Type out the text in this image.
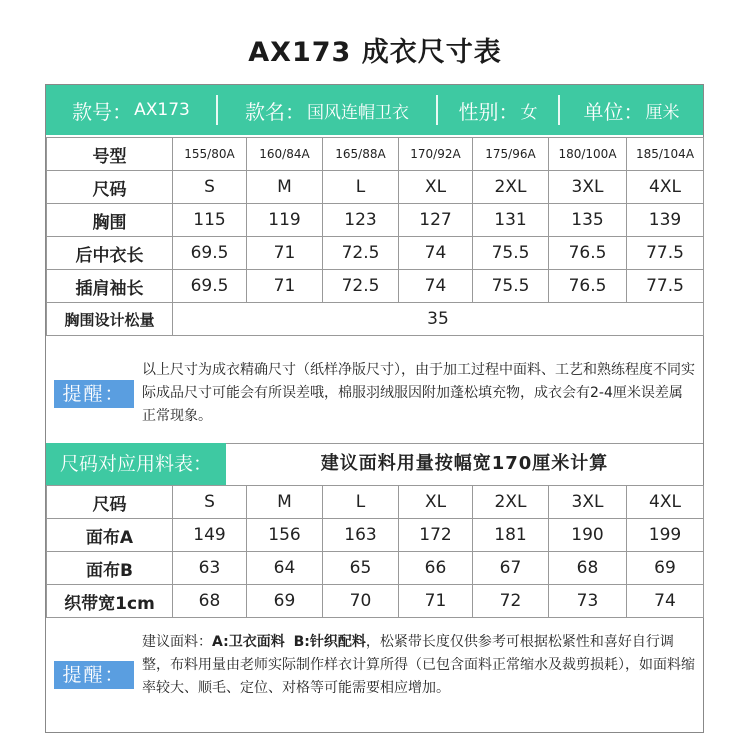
AX173 成衣尺寸表
款号： AX173	款名： 国风连帽卫衣 性别： 女 单位： 厘米
号型	155/80A	160/84A	165/88A	170/92A	175/96A	180/100A	185/104A
尺码	S	M	L	XL	2XL	3XL	4XL
胸围	115	119	123	127	131	135	139
后中衣长	69.5	71	72.5	74	75.5	76.5	77.5
插肩袖长	69.5	71	72.5	74	75.5	76.5	77.5
胸围设计松量	35						
提醒：
以上尺寸为成衣精确尺寸（纸样净版尺寸），由于加工过程中面料、工艺和熟练程度不同实际成品尺寸可能会有所误差哦，棉服羽绒服因附加蓬松填充物，成衣会有2-4厘米误差属正常现象。
尺码对应用料表：	建议面料用量按幅宽170厘米计算
尺码	S	M	L	XL	2XL	3XL	4XL
面布A	149	156	163	172	181	190	199
面布B	63	64	65	66	67	68	69
织带宽1cm	68	69	70	71	72	73	74
提醒：
建议面料：A:卫衣面料 B:针织配料，松紧带长度仅供参考可根据松紧性和喜好自行调整，布料用量由老师实际制作样衣计算所得（已包含面料正常缩水及裁剪损耗），如面料缩率较大、顺毛、定位、对格等可能需要相应增加。
